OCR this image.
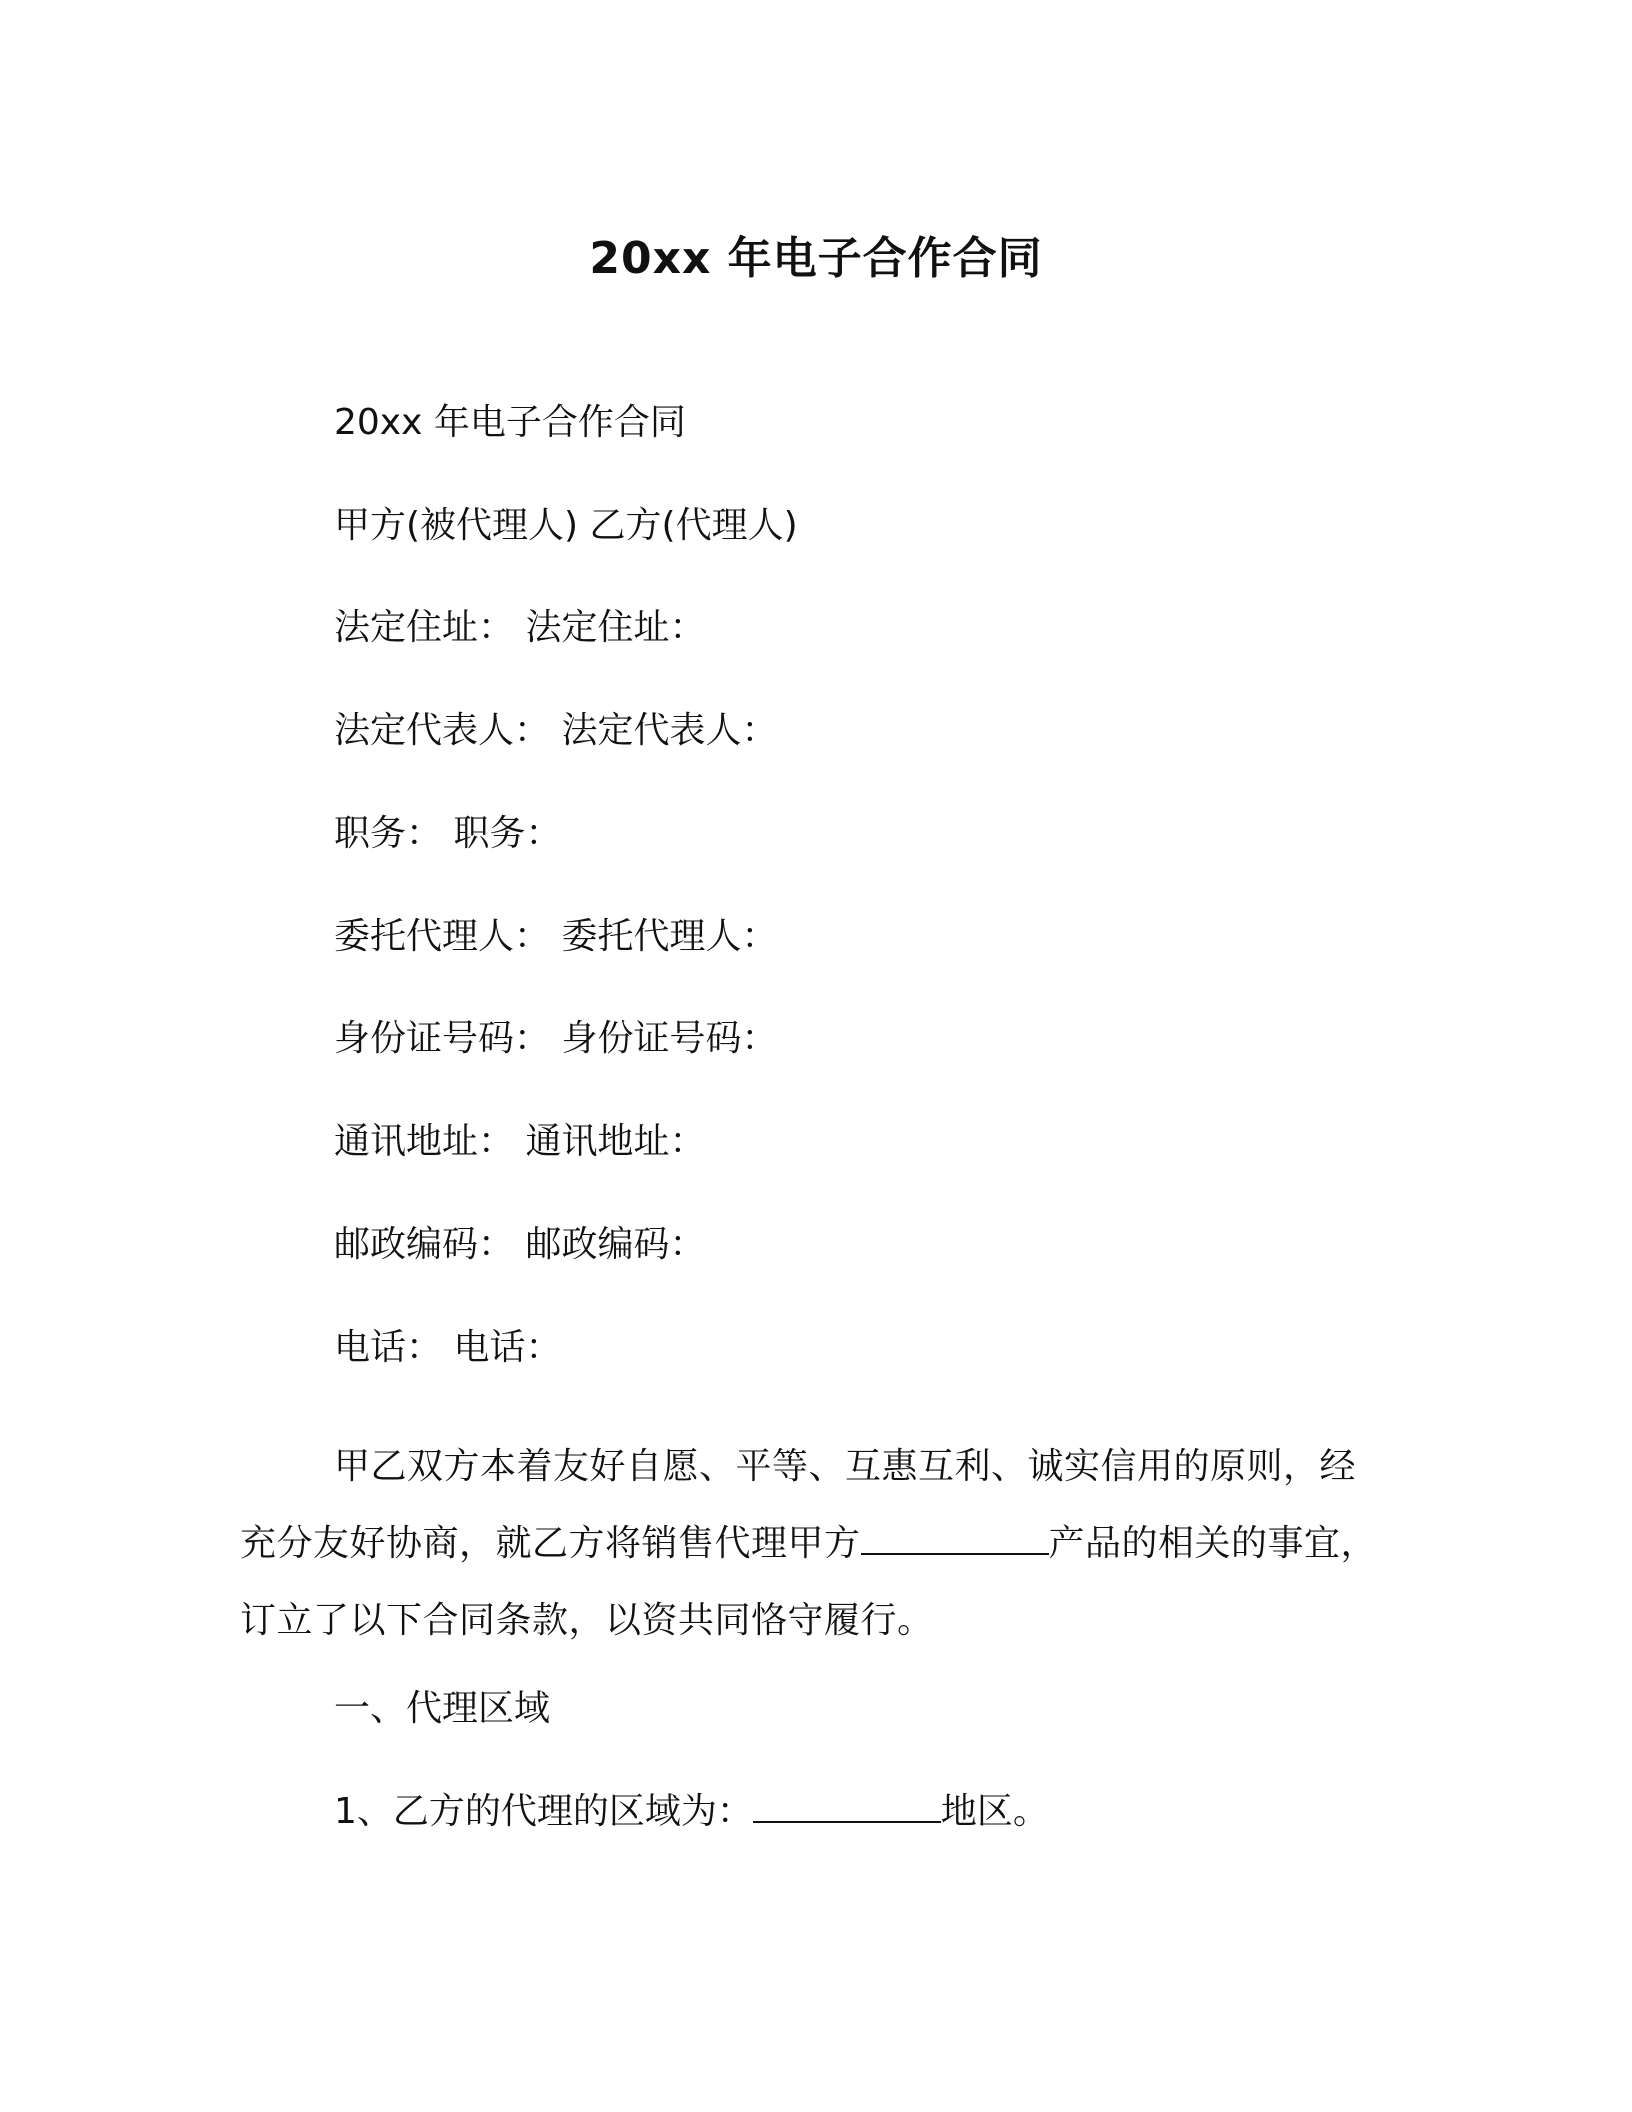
20xx 年电子合作合同
20xx 年电子合作合同
甲方(被代理人) 乙方(代理人)
法定住址： 法定住址：
法定代表人： 法定代表人：
职务： 职务：
委托代理人： 委托代理人：
身份证号码： 身份证号码：
通讯地址： 通讯地址：
邮政编码： 邮政编码：
电话： 电话：
甲乙双方本着友好自愿、平等、互惠互利、诚实信用的原则，经充分友好协商，就乙方将销售代理甲方	产品的相关的事宜，订立了以下合同条款，以资共同恪守履行。
一、代理区域
1、乙方的代理的区域为：	地区。
